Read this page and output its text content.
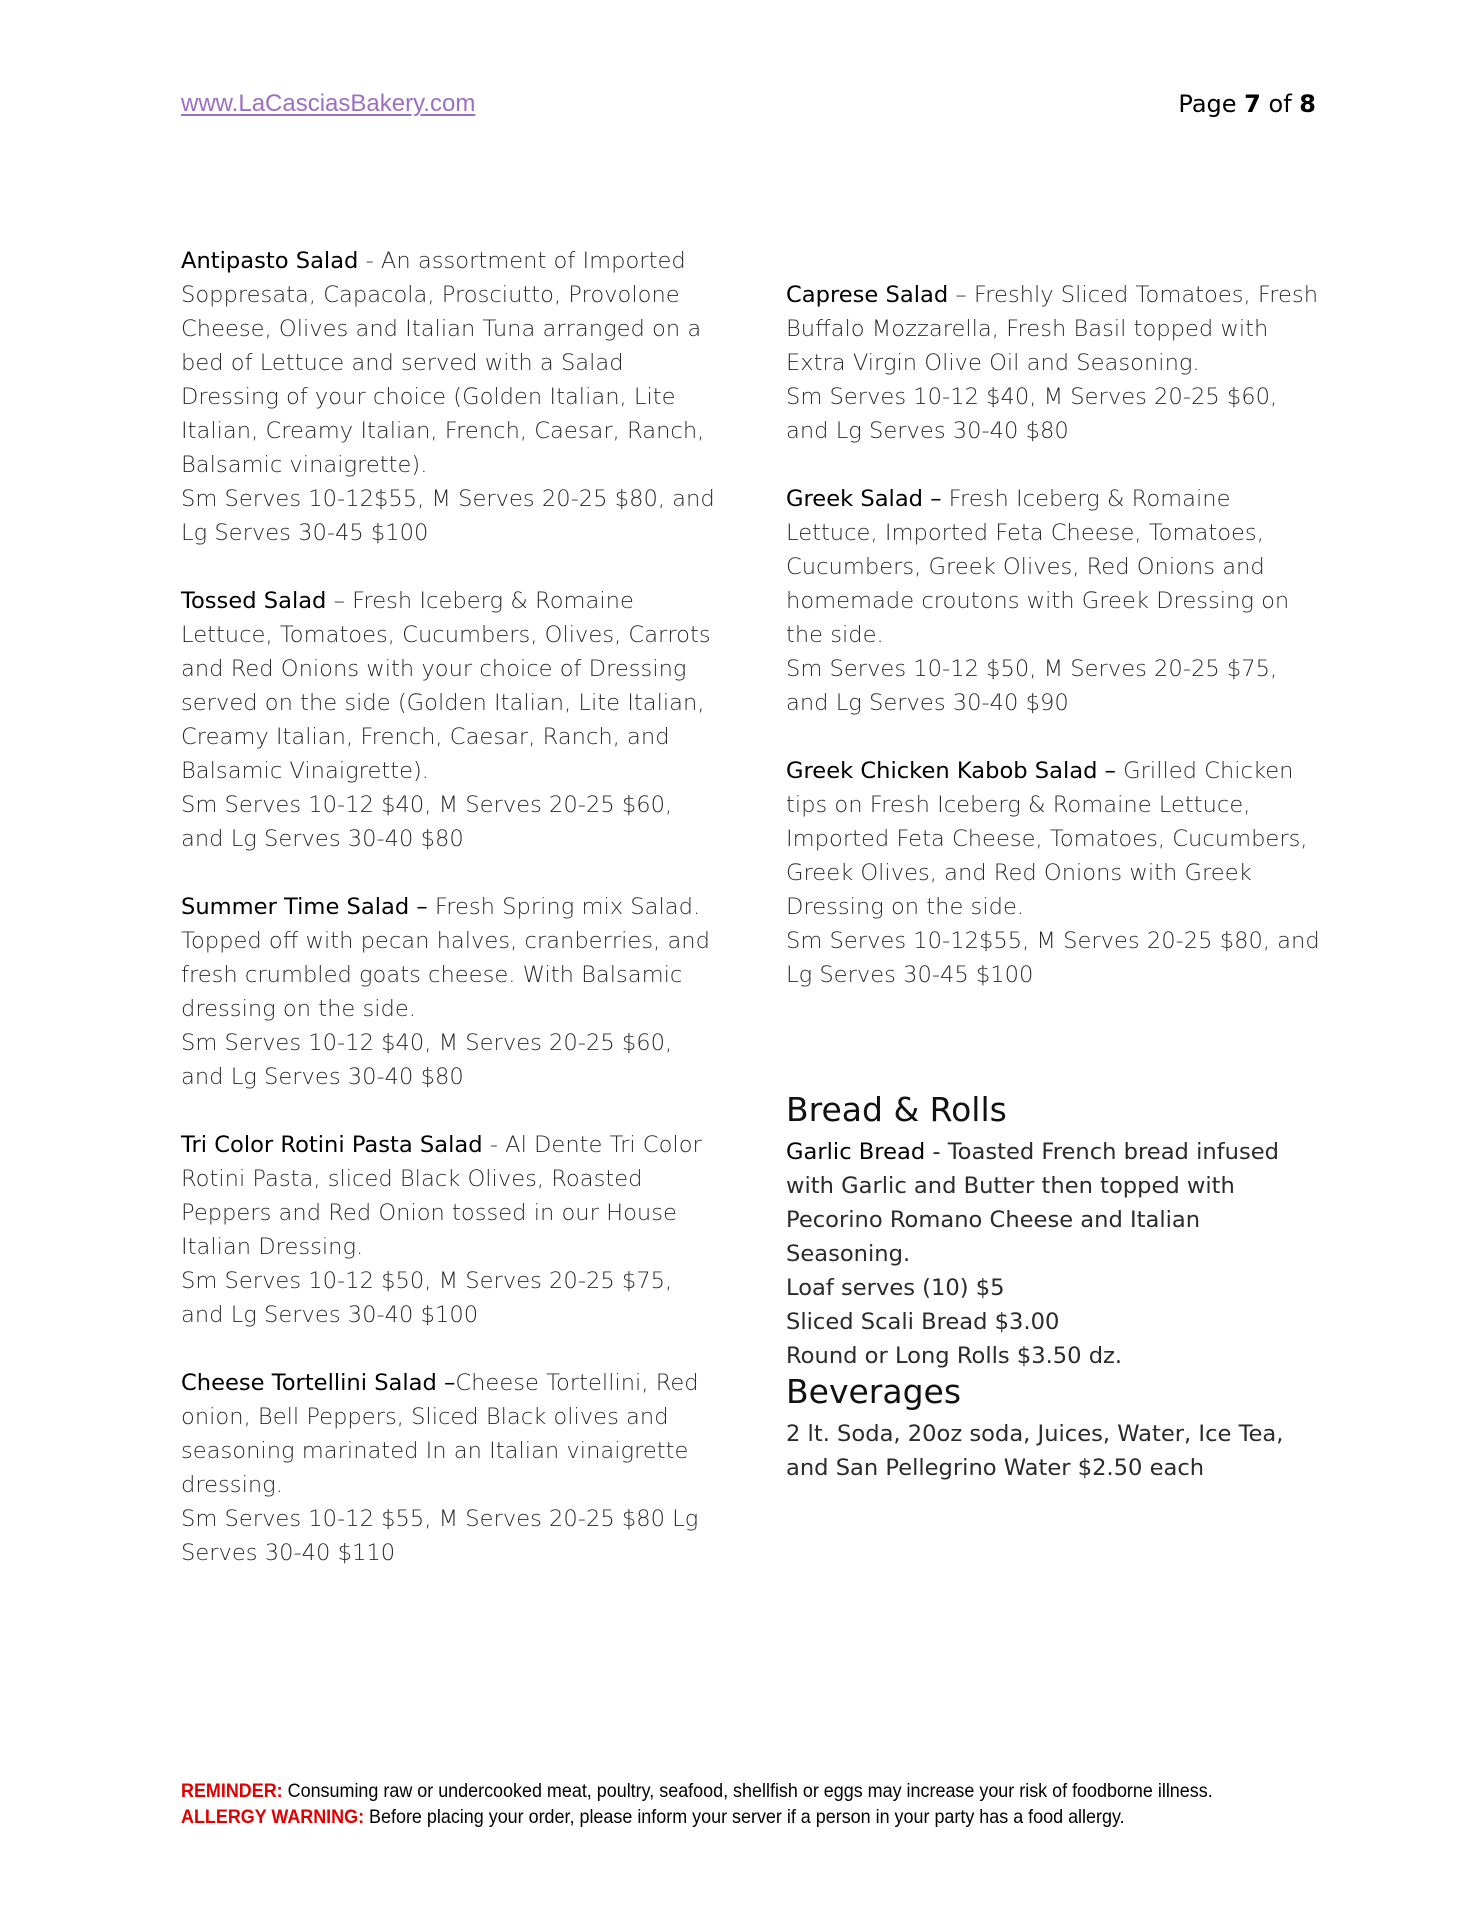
www.LaCasciasBakery.com	Page 7 of 8

Antipasto Salad - An assortment of Imported Soppresata, Capacola, Prosciutto, Provolone Cheese, Olives and Italian Tuna arranged on a bed of Lettuce and served with a Salad Dressing of your choice (Golden Italian, Lite Italian, Creamy Italian, French, Caesar, Ranch, Balsamic vinaigrette).
Sm Serves 10-12$55, M Serves 20-25 $80, and Lg Serves 30-45 $100

Tossed Salad – Fresh Iceberg & Romaine Lettuce, Tomatoes, Cucumbers, Olives, Carrots and Red Onions with your choice of Dressing served on the side (Golden Italian, Lite Italian, Creamy Italian, French, Caesar, Ranch, and Balsamic Vinaigrette).
Sm Serves 10-12 $40, M Serves 20-25 $60, and Lg Serves 30-40 $80

Summer Time Salad – Fresh Spring mix Salad. Topped off with pecan halves, cranberries, and fresh crumbled goats cheese. With Balsamic dressing on the side.
Sm Serves 10-12 $40, M Serves 20-25 $60, and Lg Serves 30-40 $80

Tri Color Rotini Pasta Salad - Al Dente Tri Color Rotini Pasta, sliced Black Olives, Roasted Peppers and Red Onion tossed in our House Italian Dressing.
Sm Serves 10-12 $50, M Serves 20-25 $75, and Lg Serves 30-40 $100

Cheese Tortellini Salad –Cheese Tortellini, Red onion, Bell Peppers, Sliced Black olives and seasoning marinated In an Italian vinaigrette dressing.
Sm Serves 10-12 $55, M Serves 20-25 $80 Lg Serves 30-40 $110

Caprese Salad – Freshly Sliced Tomatoes, Fresh Buffalo Mozzarella, Fresh Basil topped with Extra Virgin Olive Oil and Seasoning.
Sm Serves 10-12 $40, M Serves 20-25 $60, and Lg Serves 30-40 $80

Greek Salad – Fresh Iceberg & Romaine Lettuce, Imported Feta Cheese, Tomatoes, Cucumbers, Greek Olives, Red Onions and homemade croutons with Greek Dressing on the side.
Sm Serves 10-12 $50, M Serves 20-25 $75, and Lg Serves 30-40 $90

Greek Chicken Kabob Salad – Grilled Chicken tips on Fresh Iceberg & Romaine Lettuce, Imported Feta Cheese, Tomatoes, Cucumbers, Greek Olives, and Red Onions with Greek Dressing on the side.
Sm Serves 10-12$55, M Serves 20-25 $80, and Lg Serves 30-45 $100

Bread & Rolls
Garlic Bread - Toasted French bread infused with Garlic and Butter then topped with Pecorino Romano Cheese and Italian Seasoning.
Loaf serves (10) $5
Sliced Scali Bread $3.00
Round or Long Rolls $3.50 dz.
Beverages
2 lt. Soda, 20oz soda, Juices, Water, Ice Tea, and San Pellegrino Water $2.50 each
REMINDER: Consuming raw or undercooked meat, poultry, seafood, shellfish or eggs may increase your risk of foodborne illness.
ALLERGY WARNING: Before placing your order, please inform your server if a person in your party has a food allergy.
